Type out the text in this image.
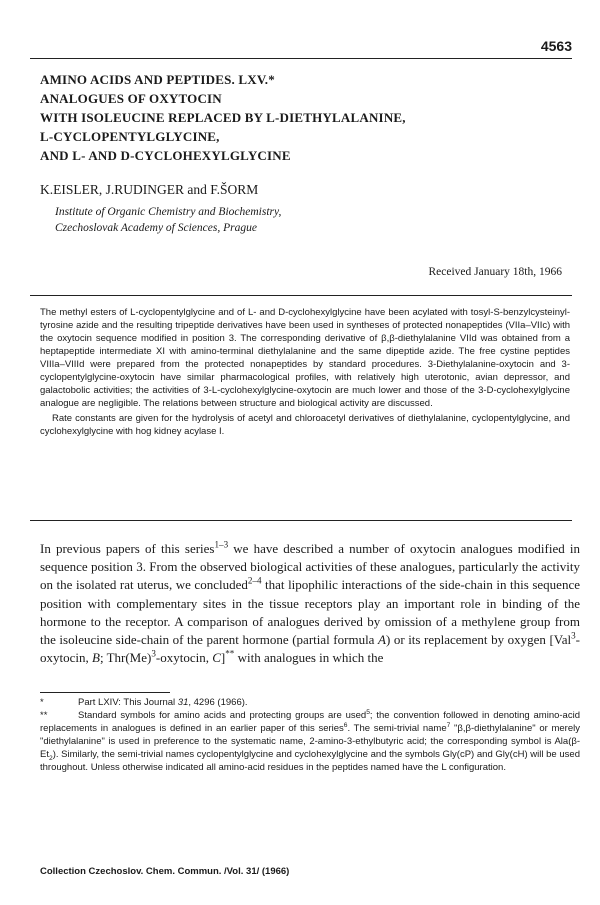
4563
AMINO ACIDS AND PEPTIDES. LXV.*
ANALOGUES OF OXYTOCIN
WITH ISOLEUCINE REPLACED BY L-DIETHYLALANINE,
L-CYCLOPENTYLGLYCINE,
AND L- AND D-CYCLOHEXYLGLYCINE
K.EISLER, J.RUDINGER and F.ŠORM
Institute of Organic Chemistry and Biochemistry,
Czechoslovak Academy of Sciences, Prague
Received January 18th, 1966

The methyl esters of L-cyclopentylglycine and of L- and D-cyclohexylglycine have been acylated with tosyl-S-benzylcysteinyl-tyrosine azide and the resulting tripeptide derivatives have been used in syntheses of protected nonapeptides (VIIa–VIIc) with the oxytocin sequence modified in position 3. The corresponding derivative of β,β-diethylalanine VIId was obtained from a heptapeptide intermediate XI with amino-terminal diethylalanine and the same dipeptide azide. The free cystine peptides VIIIa–VIIId were prepared from the protected nonapeptides by standard procedures. 3-Diethylalanine-oxytocin and 3-cyclopentylglycine-oxytocin have similar pharmacological profiles, with relatively high uterotonic, avian depressor, and galactobolic activities; the activities of 3-L-cyclohexylglycine-oxytocin are much lower and those of the 3-D-cyclohexylglycine analogue are negligible. The relations between structure and biological activity are discussed.

Rate constants are given for the hydrolysis of acetyl and chloroacetyl derivatives of diethylalanine, cyclopentylglycine, and cyclohexylglycine with hog kidney acylase I.

In previous papers of this series$^{1-3}$ we have described a number of oxytocin analogues modified in sequence position 3. From the observed biological activities of these analogues, particularly the activity on the isolated rat uterus, we concluded$^{2-4}$ that lipophilic interactions of the side-chain in this sequence position with complementary sites in the tissue receptors play an important role in binding of the hormone to the receptor. A comparison of analogues derived by omission of a methylene group from the isoleucine side-chain of the parent hormone (partial formula A) or its replacement by oxygen [Val$^3$-oxytocin, B; $Thr(Me)^3$-oxytocin, C]** with analogues in which the

*	Part LXIV: This Journal 31, 4296 (1966).

**	Standard symbols for amino acids and protecting groups are used$^5$; the convention followed in denoting amino-acid replacements in analogues is defined in an earlier paper of this series$^6$. The semi-trivial name$^7$ "β,β-diethylalanine" or merely "diethylalanine" is used in preference to the systematic name, 2-amino-3-ethylbutyric acid; the corresponding symbol is $Ala(\beta-Et_2)$. Similarly, the semi-trivial names cyclopentylglycine and cyclohexylglycine and the symbols Gly(cP) and Gly(cH) will be used throughout. Unless otherwise indicated all amino-acid residues in the peptides named have the L configuration.

Collection Czechoslov. Chem. Commun. /Vol. 31/ (1966)
